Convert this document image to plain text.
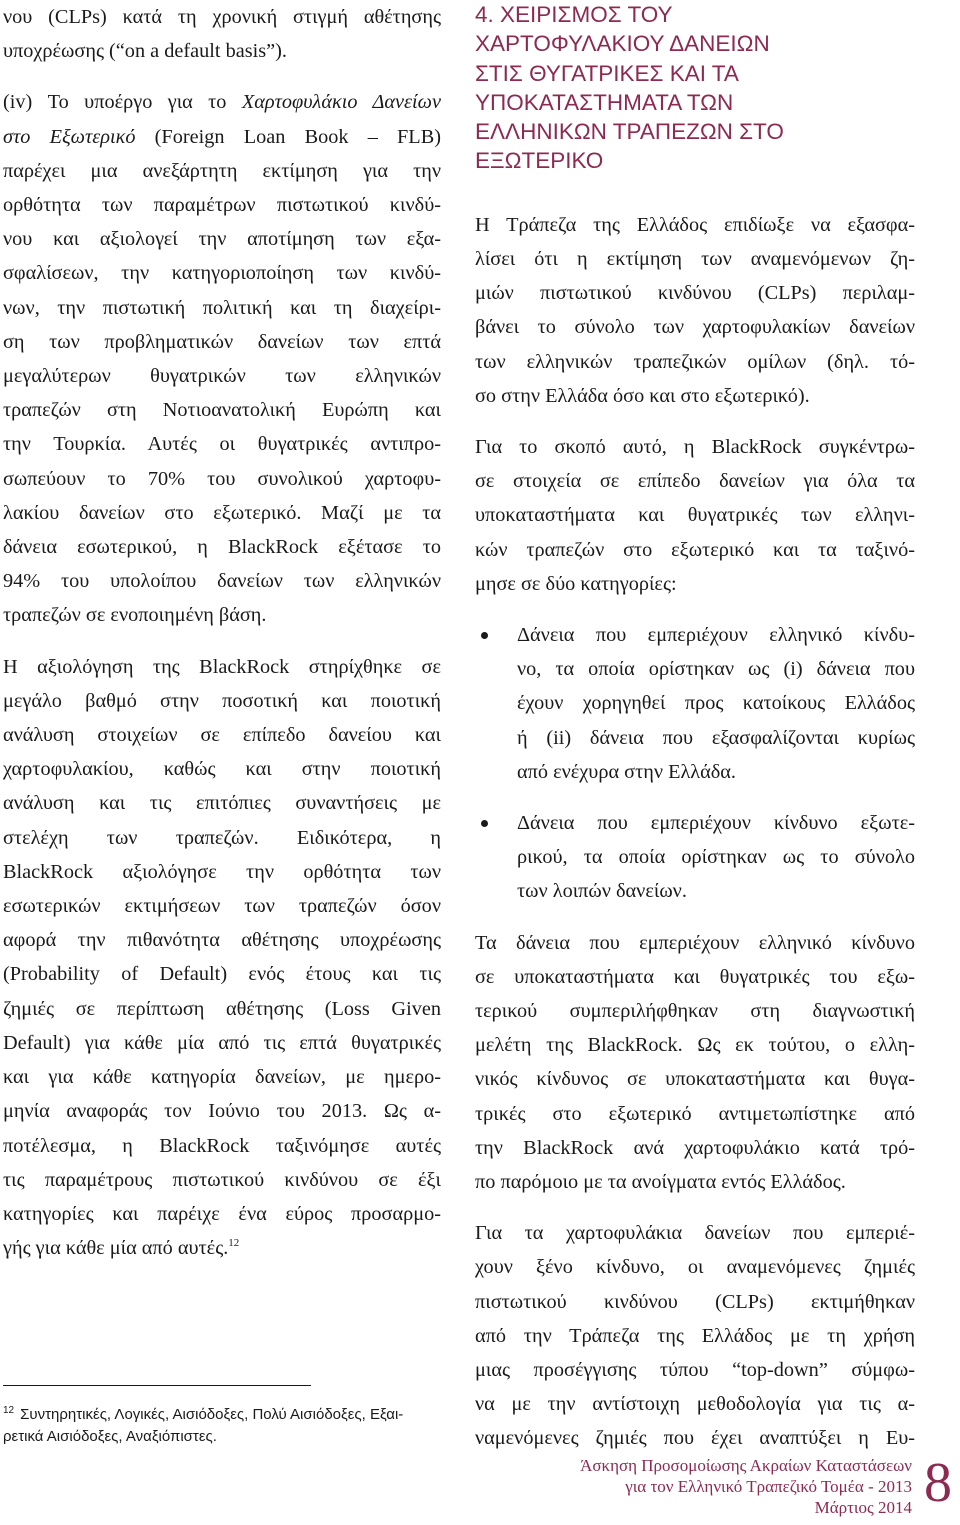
νου (CLPs) κατά τη χρονική στιγμή αθέτησης
υποχρέωσης (“on a default basis”).
(iv) Το υποέργο για το Χαρτοφυλάκιο Δανείων
στο Εξωτερικό (Foreign Loan Book – FLB)
παρέχει μια ανεξάρτητη εκτίμηση για την
ορθότητα των παραμέτρων πιστωτικού κινδύ-
νου και αξιολογεί την αποτίμηση των εξα-
σφαλίσεων, την κατηγοριοποίηση των κινδύ-
νων, την πιστωτική πολιτική και τη διαχείρι-
ση των προβληματικών δανείων των επτά
μεγαλύτερων θυγατρικών των ελληνικών
τραπεζών στη Νοτιοανατολική Ευρώπη και
την Τουρκία. Αυτές οι θυγατρικές αντιπρο-
σωπεύουν το 70% του συνολικού χαρτοφυ-
λακίου δανείων στο εξωτερικό. Μαζί με τα
δάνεια εσωτερικού, η BlackRock εξέτασε το
94% του υπολοίπου δανείων των ελληνικών
τραπεζών σε ενοποιημένη βάση.
Η αξιολόγηση της BlackRock στηρίχθηκε σε
μεγάλο βαθμό στην ποσοτική και ποιοτική
ανάλυση στοιχείων σε επίπεδο δανείου και
χαρτοφυλακίου, καθώς και στην ποιοτική
ανάλυση και τις επιτόπιες συναντήσεις με
στελέχη των τραπεζών. Ειδικότερα, η
BlackRock αξιολόγησε την ορθότητα των
εσωτερικών εκτιμήσεων των τραπεζών όσον
αφορά την πιθανότητα αθέτησης υποχρέωσης
(Probability of Default) ενός έτους και τις
ζημιές σε περίπτωση αθέτησης (Loss Given
Default) για κάθε μία από τις επτά θυγατρικές
και για κάθε κατηγορία δανείων, με ημερο-
μηνία αναφοράς τον Ιούνιο του 2013. Ως α-
ποτέλεσμα, η BlackRock ταξινόμησε αυτές
τις παραμέτρους πιστωτικού κινδύνου σε έξι
κατηγορίες και παρέιχε ένα εύρος προσαρμο-
γής για κάθε μία από αυτές.$^{12}$
$^{12}$ Συντηρητικές, Λογικές, Αισιόδοξες, Πολύ Αισιόδοξες, Εξαι-
ρετικά Αισιόδοξες, Αναξιόπιστες.
4. ΧΕΙΡΙΣΜΟΣ ΤΟΥ
ΧΑΡΤΟΦΥΛΑΚΙΟΥ ΔΑΝΕΙΩΝ
ΣΤΙΣ ΘΥΓΑΤΡΙΚΕΣ ΚΑΙ ΤΑ
ΥΠΟΚΑΤΑΣΤΗΜΑΤΑ ΤΩΝ
ΕΛΛΗΝΙΚΩΝ ΤΡΑΠΕΖΩΝ ΣΤΟ
ΕΞΩΤΕΡΙΚΟ
Η Τράπεζα της Ελλάδος επιδίωξε να εξασφα-
λίσει ότι η εκτίμηση των αναμενόμενων ζη-
μιών πιστωτικού κινδύνου (CLPs) περιλαμ-
βάνει το σύνολο των χαρτοφυλακίων δανείων
των ελληνικών τραπεζικών ομίλων (δηλ. τό-
σο στην Ελλάδα όσο και στο εξωτερικό).
Για το σκοπό αυτό, η BlackRock συγκέντρω-
σε στοιχεία σε επίπεδο δανείων για όλα τα
υποκαταστήματα και θυγατρικές των ελληνι-
κών τραπεζών στο εξωτερικό και τα ταξινό-
μησε σε δύο κατηγορίες:
Δάνεια που εμπεριέχουν ελληνικό κίνδυ-
νο, τα οποία ορίστηκαν ως (i) δάνεια που
έχουν χορηγηθεί προς κατοίκους Ελλάδος
ή (ii) δάνεια που εξασφαλίζονται κυρίως
από ενέχυρα στην Ελλάδα.
Δάνεια που εμπεριέχουν κίνδυνο εξωτε-
ρικού, τα οποία ορίστηκαν ως το σύνολο
των λοιπών δανείων.
Τα δάνεια που εμπεριέχουν ελληνικό κίνδυνο
σε υποκαταστήματα και θυγατρικές του εξω-
τερικού συμπεριλήφθηκαν στη διαγνωστική
μελέτη της BlackRock. Ως εκ τούτου, ο ελλη-
νικός κίνδυνος σε υποκαταστήματα και θυγα-
τρικές στο εξωτερικό αντιμετωπίστηκε από
την BlackRock ανά χαρτοφυλάκιο κατά τρό-
πο παρόμοιο με τα ανοίγματα εντός Ελλάδος.
Για τα χαρτοφυλάκια δανείων που εμπεριέ-
χουν ξένο κίνδυνο, οι αναμενόμενες ζημιές
πιστωτικού κινδύνου (CLPs) εκτιμήθηκαν
από την Τράπεζα της Ελλάδος με τη χρήση
μιας προσέγγισης τύπου “top-down” σύμφω-
να με την αντίστοιχη μεθοδολογία για τις α-
ναμενόμενες ζημιές που έχει αναπτύξει η Ευ-
Άσκηση Προσομοίωσης Ακραίων Καταστάσεων
για τον Ελληνικό Τραπεζικό Τομέα - 2013
Μάρτιος 2014 8
